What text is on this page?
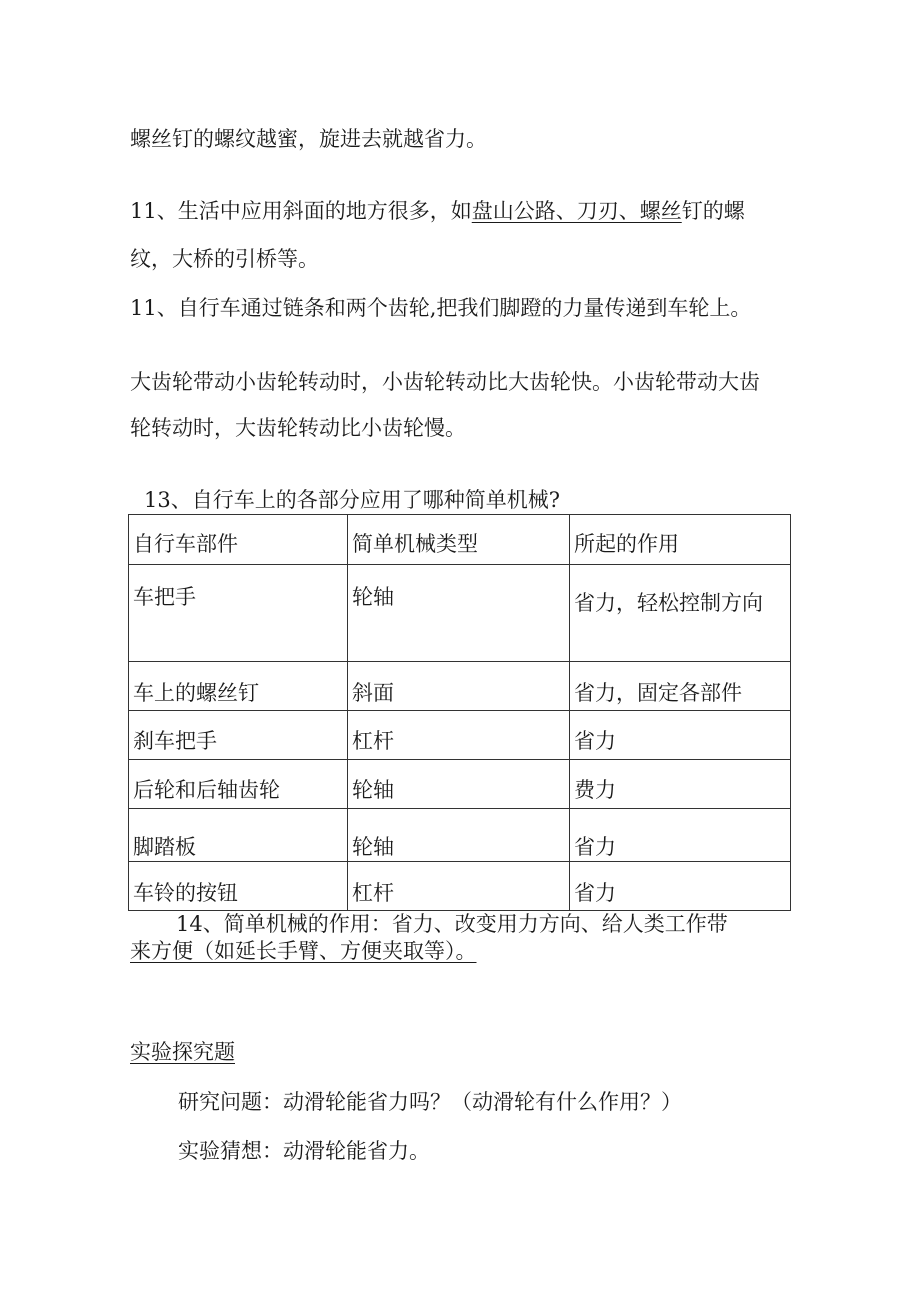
螺丝钉的螺纹越蜜，旋进去就越省力。

11、生活中应用斜面的地方很多，如盘山公路、刀刃、螺丝钉的螺

纹，大桥的引桥等。

11、自行车通过链条和两个齿轮,把我们脚蹬的力量传递到车轮上。

大齿轮带动小齿轮转动时，小齿轮转动比大齿轮快。小齿轮带动大齿

轮转动时，大齿轮转动比小齿轮慢。

13、自行车上的各部分应用了哪种简单机械?

自行车部件	简单机械类型	所起的作用

车把手	轮轴	省力，轻松控制方向

车上的螺丝钉	斜面	省力，固定各部件

刹车把手	杠杆	省力

后轮和后轴齿轮	轮轴	费力

脚踏板	轮轴	省力

车铃的按钮	杠杆	省力

14、简单机械的作用：省力、改变用力方向、给人类工作带

来方便（如延长手臂、方便夹取等）。

实验探究题

研究问题：动滑轮能省力吗？（动滑轮有什么作用？）

实验猜想：动滑轮能省力。
